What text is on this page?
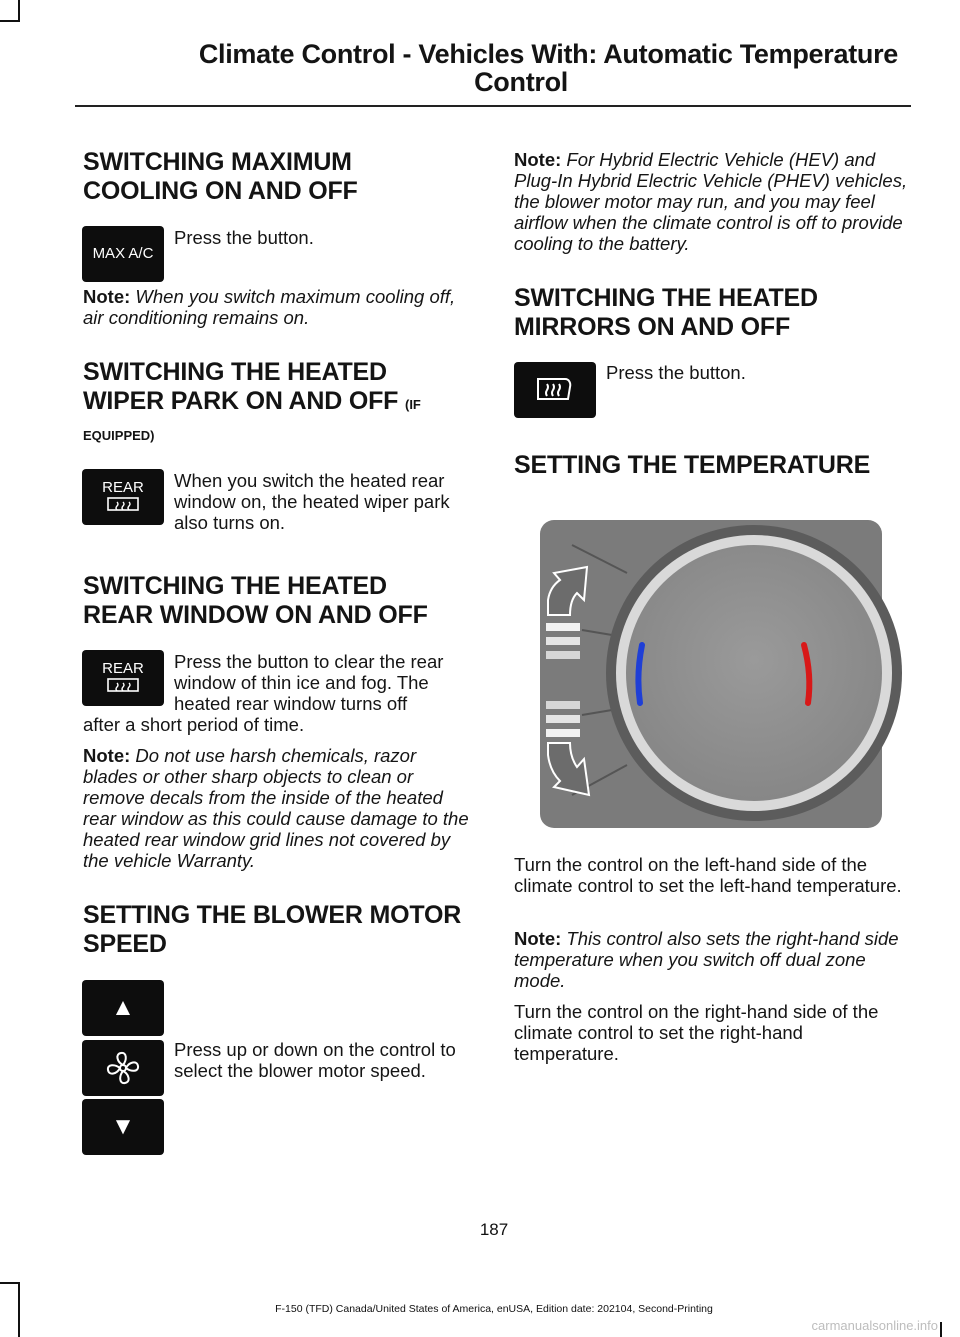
Climate Control - Vehicles With: Automatic Temperature
Control
SWITCHING MAXIMUM
COOLING ON AND OFF
MAX A/C

Press the button.

Note: When you switch maximum cooling off, air conditioning remains on.

SWITCHING THE HEATED
WIPER PARK ON AND OFF (IF
EQUIPPED)
REAR When you switch the heated rear window on, the heated wiper park also turns on.

SWITCHING THE HEATED
REAR WINDOW ON AND OFF
REAR Press the button to clear the rear
window of thin ice and fog. The
heated rear window turns off

after a short period of time.

Note: Do not use harsh chemicals, razor blades or other sharp objects to clean or remove decals from the inside of the heated rear window as this could cause damage to the heated rear window grid lines not covered by the vehicle Warranty.

SETTING THE BLOWER MOTOR
SPEED
▲
▼

Press up or down on the control to select the blower motor speed.

Note: For Hybrid Electric Vehicle (HEV) and Plug-In Hybrid Electric Vehicle (PHEV) vehicles, the blower motor may run, and you may feel airflow when the climate control is off to provide cooling to the battery.

SWITCHING THE HEATED
MIRRORS ON AND OFF

Press the button.

SETTING THE TEMPERATURE

Turn the control on the left-hand side of the climate control to set the left-hand temperature.

Note: This control also sets the right-hand side temperature when you switch off dual zone mode.

Turn the control on the right-hand side of the climate control to set the right-hand temperature.

187
F-150 (TFD) Canada/United States of America, enUSA, Edition date: 202104, Second-Printing
carmanualsonline.info
